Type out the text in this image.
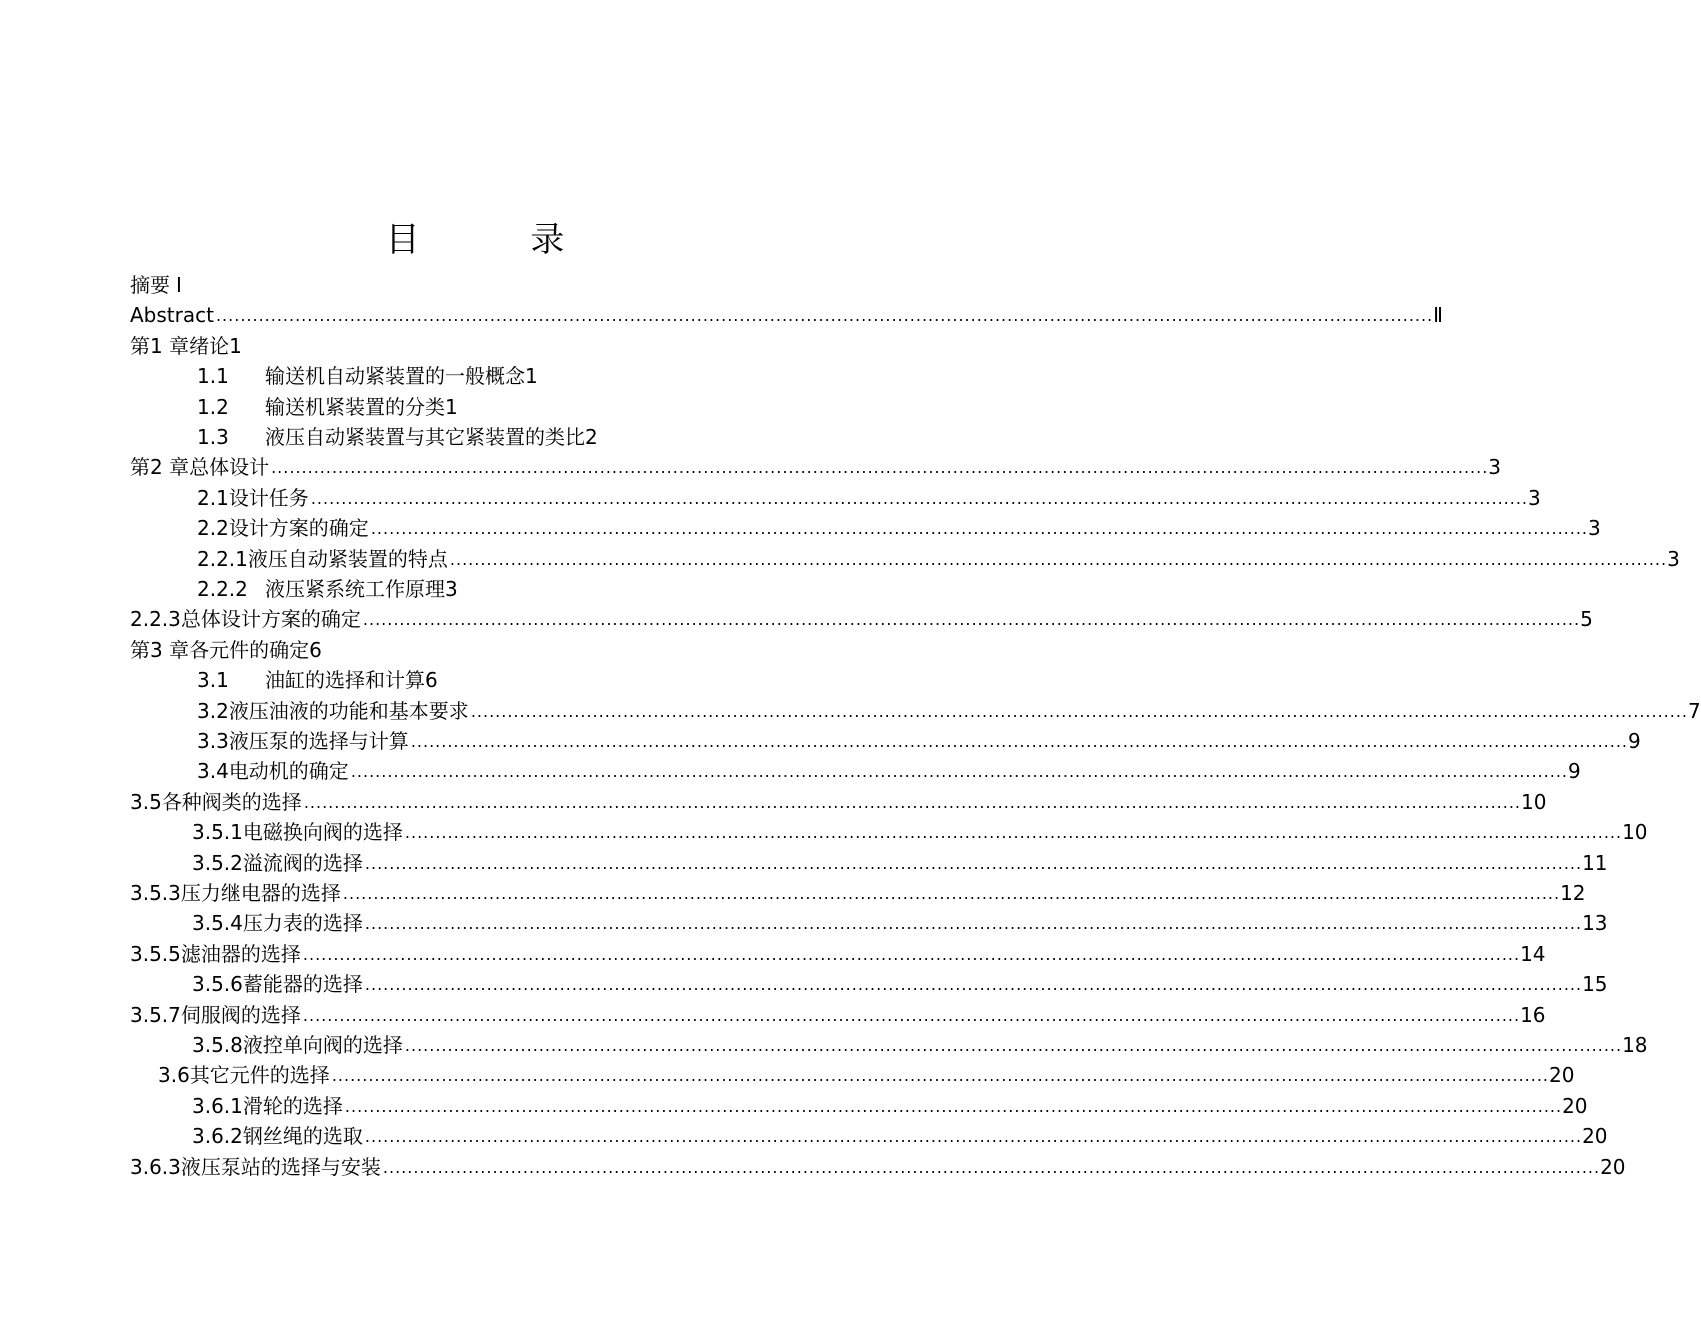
目 录
摘要 Ⅰ
Abstract ........................................................................................................................................................................................................ Ⅱ
第1 章绪论 1
1.1	输送机自动紧装置的一般概念 1
1.2	输送机紧装置的分类 1
1.3	液压自动紧装置与其它紧装置的类比 2
第2 章总体设计 ........................................................................................................................................................................................................ 3
2.1 设计任务 ........................................................................................................................................................................................................ 3
2.2 设计方案的确定 ........................................................................................................................................................................................................ 3
2.2.1 液压自动紧装置的特点 ........................................................................................................................................................................................................ 3
2.2.2 液压紧系统工作原理 3
2.2.3 总体设计方案的确定 ........................................................................................................................................................................................................ 5
第3 章各元件的确定 6
3.1	油缸的选择和计算 6
3.2 液压油液的功能和基本要求 ........................................................................................................................................................................................................ 7
3.3 液压泵的选择与计算 ........................................................................................................................................................................................................ 9
3.4 电动机的确定 ........................................................................................................................................................................................................ 9
3.5 各种阀类的选择 ........................................................................................................................................................................................................ 10
3.5.1 电磁换向阀的选择 ........................................................................................................................................................................................................ 10
3.5.2 溢流阀的选择 ........................................................................................................................................................................................................ 11
3.5.3 压力继电器的选择 ........................................................................................................................................................................................................ 12
3.5.4 压力表的选择 ........................................................................................................................................................................................................ 13
3.5.5 滤油器的选择 ........................................................................................................................................................................................................ 14
3.5.6 蓄能器的选择 ........................................................................................................................................................................................................ 15
3.5.7 伺服阀的选择 ........................................................................................................................................................................................................ 16
3.5.8 液控单向阀的选择 ........................................................................................................................................................................................................ 18
3.6 其它元件的选择 ........................................................................................................................................................................................................ 20
3.6.1 滑轮的选择 ........................................................................................................................................................................................................ 20
3.6.2 钢丝绳的选取 ........................................................................................................................................................................................................ 20
3.6.3 液压泵站的选择与安装 ........................................................................................................................................................................................................ 20
